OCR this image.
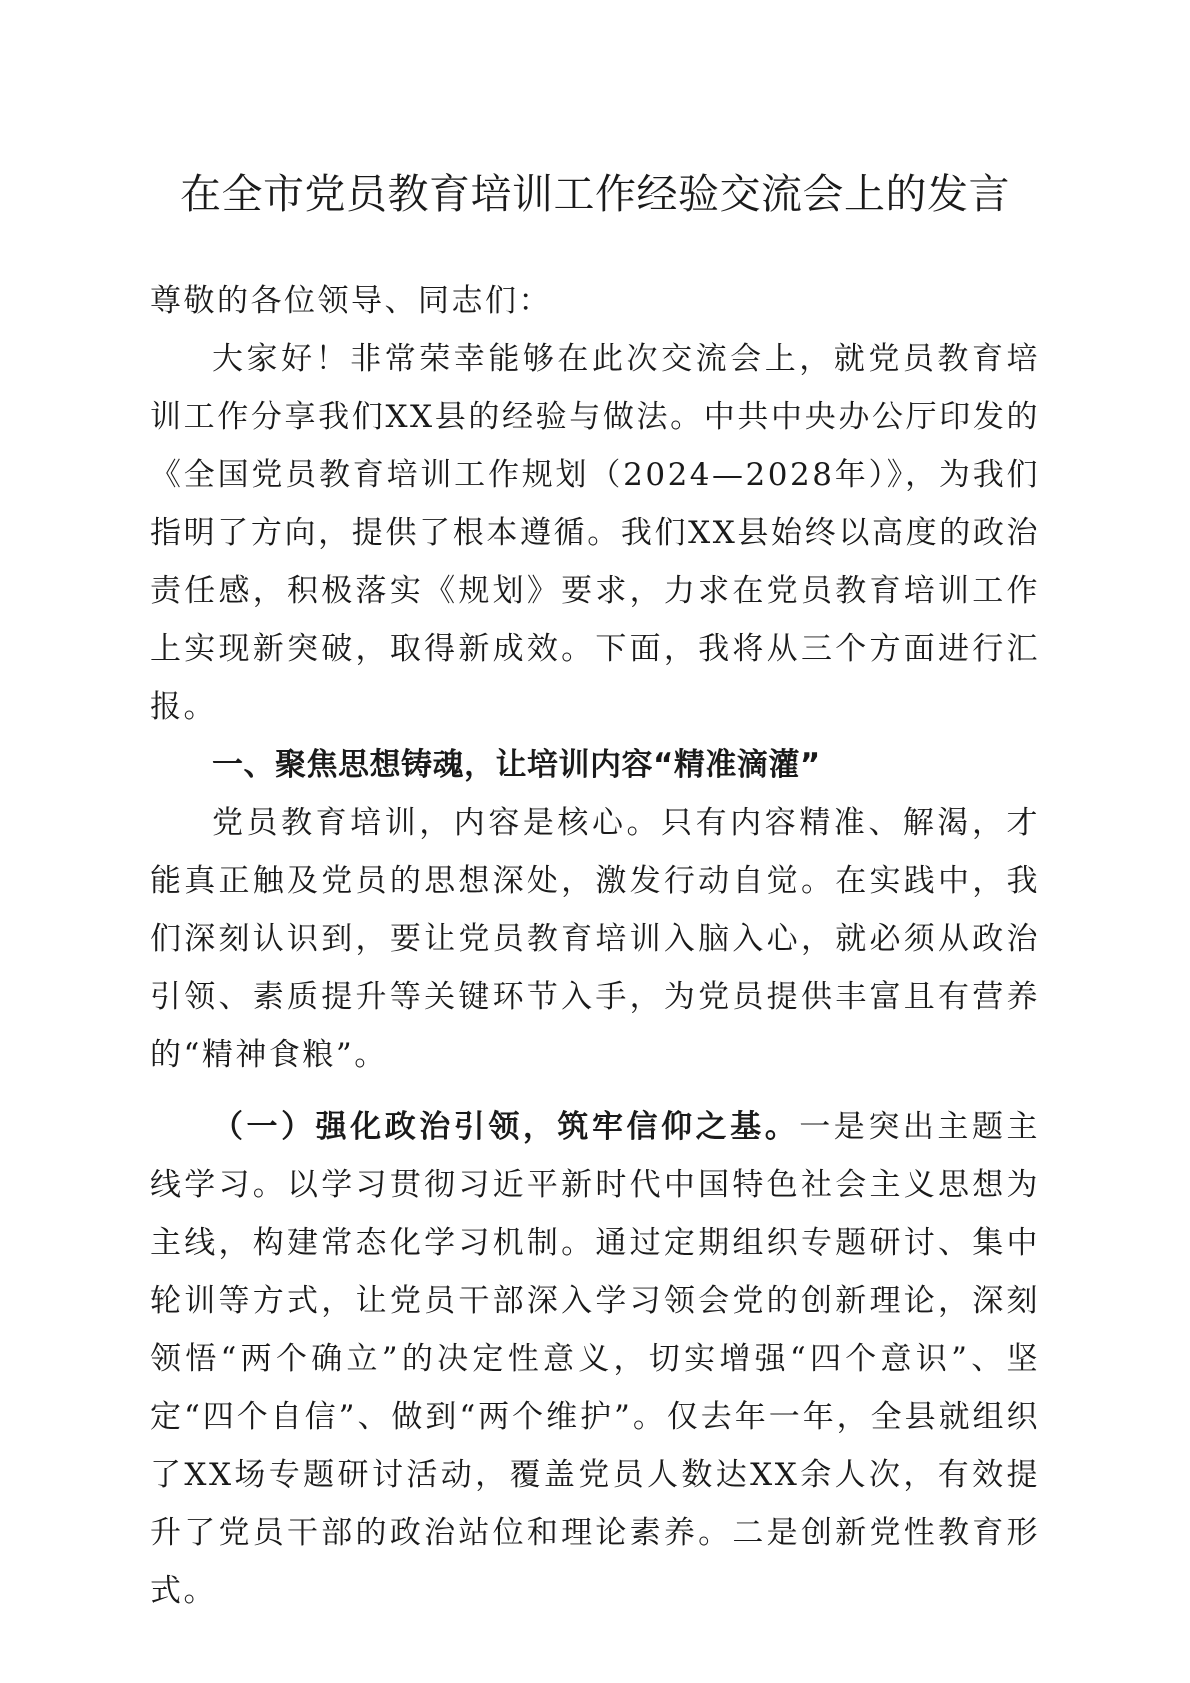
在全市党员教育培训工作经验交流会上的发言

尊敬的各位领导、同志们：

大家好！非常荣幸能够在此次交流会上，就党员教育培训工作分享我们XX县的经验与做法。中共中央办公厅印发的《全国党员教育培训工作规划（2024—2028年）》，为我们指明了方向，提供了根本遵循。我们XX县始终以高度的政治责任感，积极落实《规划》要求，力求在党员教育培训工作上实现新突破，取得新成效。下面，我将从三个方面进行汇报。

一、聚焦思想铸魂，让培训内容“精准滴灌”

党员教育培训，内容是核心。只有内容精准、解渴，才能真正触及党员的思想深处，激发行动自觉。在实践中，我们深刻认识到，要让党员教育培训入脑入心，就必须从政治引领、素质提升等关键环节入手，为党员提供丰富且有营养的“精神食粮”。

（一）强化政治引领，筑牢信仰之基。一是突出主题主线学习。以学习贯彻习近平新时代中国特色社会主义思想为主线，构建常态化学习机制。通过定期组织专题研讨、集中轮训等方式，让党员干部深入学习领会党的创新理论，深刻领悟“两个确立”的决定性意义，切实增强“四个意识”、坚定“四个自信”、做到“两个维护”。仅去年一年，全县就组织了XX场专题研讨活动，覆盖党员人数达XX余人次，有效提升了党员干部的政治站位和理论素养。二是创新党性教育形式。
